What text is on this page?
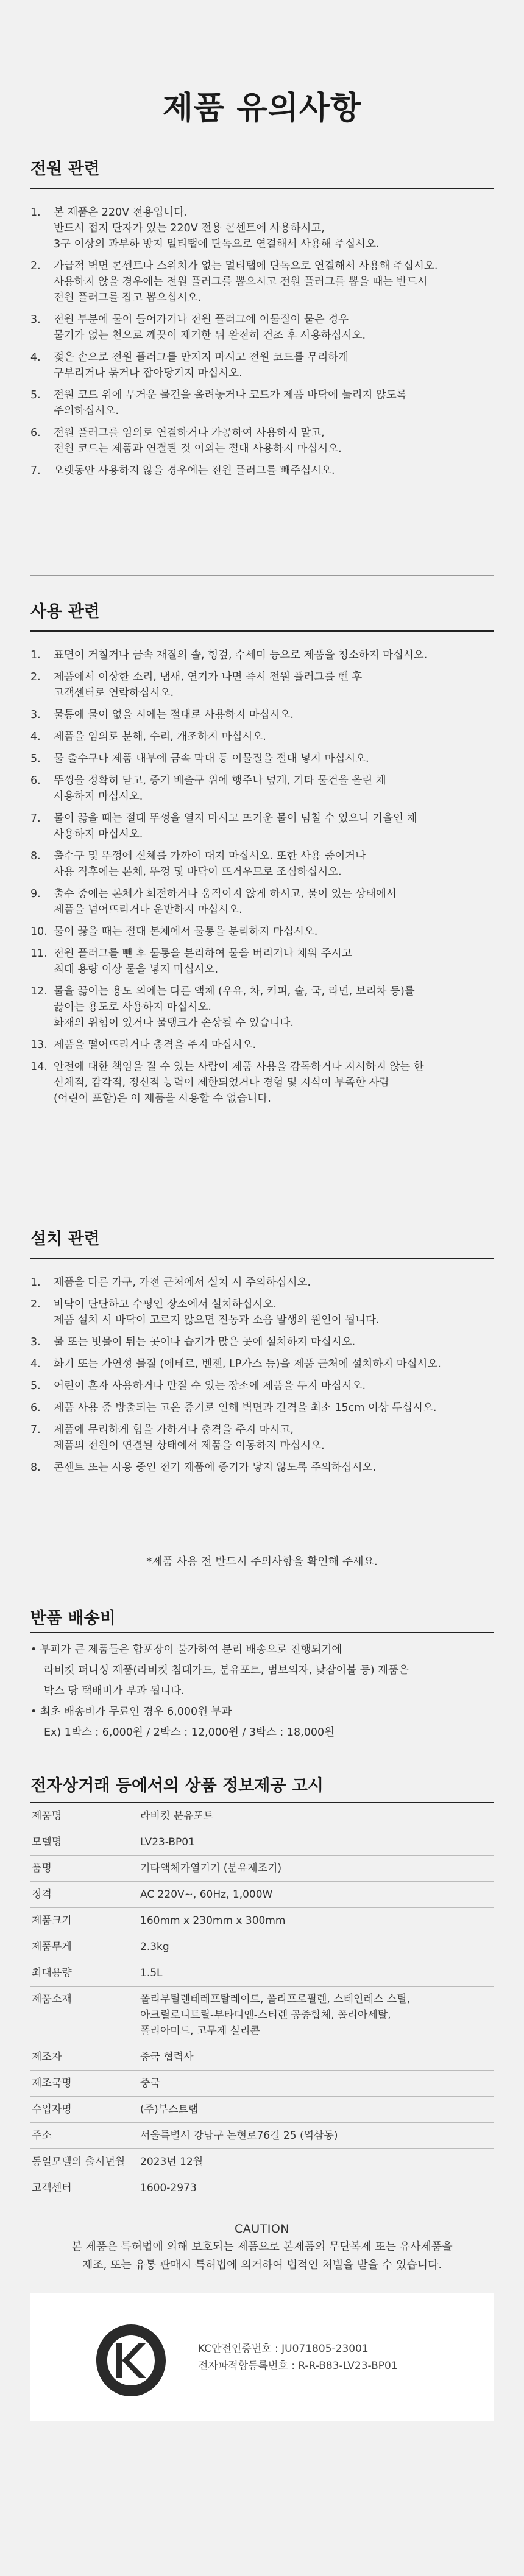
제품 유의사항
전원 관련
1. 본 제품은 220V 전용입니다.
반드시 접지 단자가 있는 220V 전용 콘센트에 사용하시고,
3구 이상의 과부하 방지 멀티탭에 단독으로 연결해서 사용해 주십시오.
2. 가급적 벽면 콘센트나 스위치가 없는 멀티탭에 단독으로 연결해서 사용해 주십시오.
사용하지 않을 경우에는 전원 플러그를 뽑으시고 전원 플러그를 뽑을 때는 반드시
전원 플러그를 잡고 뽑으십시오.
3. 전원 부분에 물이 들어가거나 전원 플러그에 이물질이 묻은 경우
물기가 없는 천으로 깨끗이 제거한 뒤 완전히 건조 후 사용하십시오.
4. 젖은 손으로 전원 플러그를 만지지 마시고 전원 코드를 무리하게
구부리거나 묶거나 잡아당기지 마십시오.
5. 전원 코드 위에 무거운 물건을 올려놓거나 코드가 제품 바닥에 눌리지 않도록
주의하십시오.
6. 전원 플러그를 임의로 연결하거나 가공하여 사용하지 말고,
전원 코드는 제품과 연결된 것 이외는 절대 사용하지 마십시오.
7. 오랫동안 사용하지 않을 경우에는 전원 플러그를 빼주십시오.
사용 관련
1. 표면이 거칠거나 금속 재질의 솔, 헝겊, 수세미 등으로 제품을 청소하지 마십시오.
2. 제품에서 이상한 소리, 냄새, 연기가 나면 즉시 전원 플러그를 뺀 후
고객센터로 연락하십시오.
3. 물통에 물이 없을 시에는 절대로 사용하지 마십시오.
4. 제품을 임의로 분해, 수리, 개조하지 마십시오.
5. 물 출수구나 제품 내부에 금속 막대 등 이물질을 절대 넣지 마십시오.
6. 뚜껑을 정확히 닫고, 증기 배출구 위에 행주나 덮개, 기타 물건을 올린 채
사용하지 마십시오.
7. 물이 끓을 때는 절대 뚜껑을 열지 마시고 뜨거운 물이 넘칠 수 있으니 기울인 채
사용하지 마십시오.
8. 출수구 및 뚜껑에 신체를 가까이 대지 마십시오. 또한 사용 중이거나
사용 직후에는 본체, 뚜껑 및 바닥이 뜨거우므로 조심하십시오.
9. 출수 중에는 본체가 회전하거나 움직이지 않게 하시고, 물이 있는 상태에서
제품을 넘어뜨리거나 운반하지 마십시오.
10. 물이 끓을 때는 절대 본체에서 물통을 분리하지 마십시오.
11. 전원 플러그를 뺀 후 물통을 분리하여 물을 버리거나 채워 주시고
최대 용량 이상 물을 넣지 마십시오.
12. 물을 끓이는 용도 외에는 다른 액체 (우유, 차, 커피, 술, 국, 라면, 보리차 등)를
끓이는 용도로 사용하지 마십시오.
화재의 위험이 있거나 물탱크가 손상될 수 있습니다.
13. 제품을 떨어뜨리거나 충격을 주지 마십시오.
14. 안전에 대한 책임을 질 수 있는 사람이 제품 사용을 감독하거나 지시하지 않는 한
신체적, 감각적, 정신적 능력이 제한되었거나 경험 및 지식이 부족한 사람
(어린이 포함)은 이 제품을 사용할 수 없습니다.
설치 관련
1. 제품을 다른 가구, 가전 근처에서 설치 시 주의하십시오.
2. 바닥이 단단하고 수평인 장소에서 설치하십시오.
제품 설치 시 바닥이 고르지 않으면 진동과 소음 발생의 원인이 됩니다.
3. 물 또는 빗물이 튀는 곳이나 습기가 많은 곳에 설치하지 마십시오.
4. 화기 또는 가연성 물질 (에테르, 벤젠, LP가스 등)을 제품 근처에 설치하지 마십시오.
5. 어린이 혼자 사용하거나 만질 수 있는 장소에 제품을 두지 마십시오.
6. 제품 사용 중 방출되는 고온 증기로 인해 벽면과 간격을 최소 15cm 이상 두십시오.
7. 제품에 무리하게 힘을 가하거나 충격을 주지 마시고,
제품의 전원이 연결된 상태에서 제품을 이동하지 마십시오.
8. 콘센트 또는 사용 중인 전기 제품에 증기가 닿지 않도록 주의하십시오.
*제품 사용 전 반드시 주의사항을 확인해 주세요.
반품 배송비
• 부피가 큰 제품들은 합포장이 불가하여 분리 배송으로 진행되기에
라비킷 퍼니싱 제품(라비킷 침대가드, 분유포트, 범보의자, 낮잠이불 등) 제품은
박스 당 택배비가 부과 됩니다.
• 최초 배송비가 무료인 경우 6,000원 부과
Ex) 1박스 : 6,000원 / 2박스 : 12,000원 / 3박스 : 18,000원
전자상거래 등에서의 상품 정보제공 고시
제품명	라비킷 분유포트

모델명	LV23-BP01

품명	기타액체가열기기 (분유제조기)

정격	AC 220V~, 60Hz, 1,000W

제품크기	160mm x 230mm x 300mm

제품무게	2.3kg

최대용량	1.5L

제품소재	폴리부틸렌테레프탈레이트, 폴리프로필렌, 스테인레스 스틸,
아크릴로니트릴-부타디엔-스티렌 공중합체, 폴리아세탈,
폴리아미드, 고무제 실리콘

제조자	중국 협력사

제조국명	중국

수입자명	(주)부스트랩

주소	서울특별시 강남구 논현로76길 25 (역삼동)

동일모델의 출시년월	2023년 12월

고객센터	1600-2973
CAUTION
본 제품은 특허법에 의해 보호되는 제품으로 본제품의 무단복제 또는 유사제품을
제조, 또는 유통 판매시 특허법에 의거하여 법적인 처벌을 받을 수 있습니다.
KC안전인증번호 : JU071805-23001
전자파적합등록번호 : R-R-B83-LV23-BP01
